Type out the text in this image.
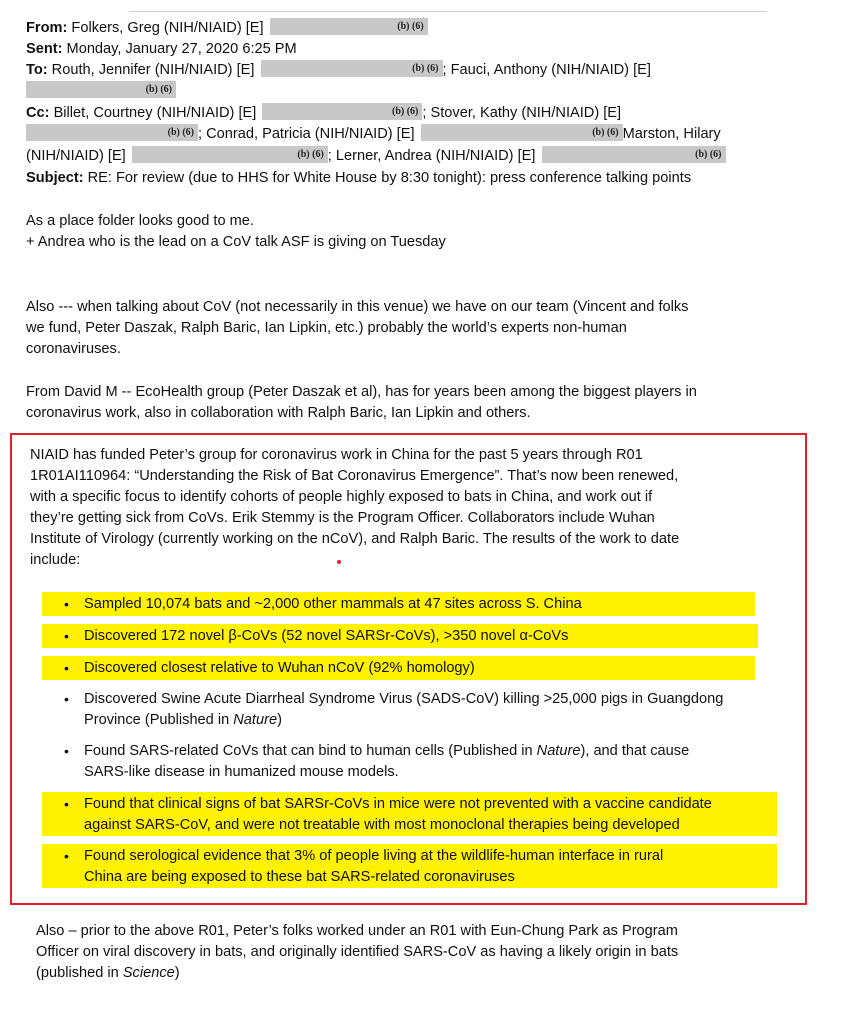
From: Folkers, Greg (NIH/NIAID) [E]	(b) (6)
Sent: Monday, January 27, 2020 6:25 PM
To: Routh, Jennifer (NIH/NIAID) [E]	(b) (6) ; Fauci, Anthony (NIH/NIAID) [E]
(b) (6)
Cc: Billet, Courtney (NIH/NIAID) [E]	(b) (6) ; Stover, Kathy (NIH/NIAID) [E]
(b) (6) ; Conrad, Patricia (NIH/NIAID) [E]	(b) (6) Marston, Hilary
(NIH/NIAID) [E]	(b) (6) ; Lerner, Andrea (NIH/NIAID) [E]	(b) (6)
Subject: RE: For review (due to HHS for White House by 8:30 tonight): press conference talking points
As a place folder looks good to me.
+ Andrea who is the lead on a CoV talk ASF is giving on Tuesday
Also --- when talking about CoV (not necessarily in this venue) we have on our team (Vincent and folks
we fund, Peter Daszak, Ralph Baric, Ian Lipkin, etc.) probably the world’s experts non-human
coronaviruses.
From David M -- EcoHealth group (Peter Daszak et al), has for years been among the biggest players in
coronavirus work, also in collaboration with Ralph Baric, Ian Lipkin and others.
NIAID has funded Peter’s group for coronavirus work in China for the past 5 years through R01
1R01AI110964: “Understanding the Risk of Bat Coronavirus Emergence”. That’s now been renewed,
with a specific focus to identify cohorts of people highly exposed to bats in China, and work out if
they’re getting sick from CoVs. Erik Stemmy is the Program Officer. Collaborators include Wuhan
Institute of Virology (currently working on the nCoV), and Ralph Baric. The results of the work to date
include:
• Sampled 10,074 bats and ~2,000 other mammals at 47 sites across S. China
• Discovered 172 novel β-CoVs (52 novel SARSr-CoVs), >350 novel α-CoVs
• Discovered closest relative to Wuhan nCoV (92% homology)
• Discovered Swine Acute Diarrheal Syndrome Virus (SADS-CoV) killing >25,000 pigs in Guangdong
Province (Published in Nature)
• Found SARS-related CoVs that can bind to human cells (Published in Nature), and that cause
SARS-like disease in humanized mouse models.
• Found that clinical signs of bat SARSr-CoVs in mice were not prevented with a vaccine candidate
against SARS-CoV, and were not treatable with most monoclonal therapies being developed
• Found serological evidence that 3% of people living at the wildlife-human interface in rural
China are being exposed to these bat SARS-related coronaviruses
Also – prior to the above R01, Peter’s folks worked under an R01 with Eun-Chung Park as Program
Officer on viral discovery in bats, and originally identified SARS-CoV as having a likely origin in bats
(published in Science)
